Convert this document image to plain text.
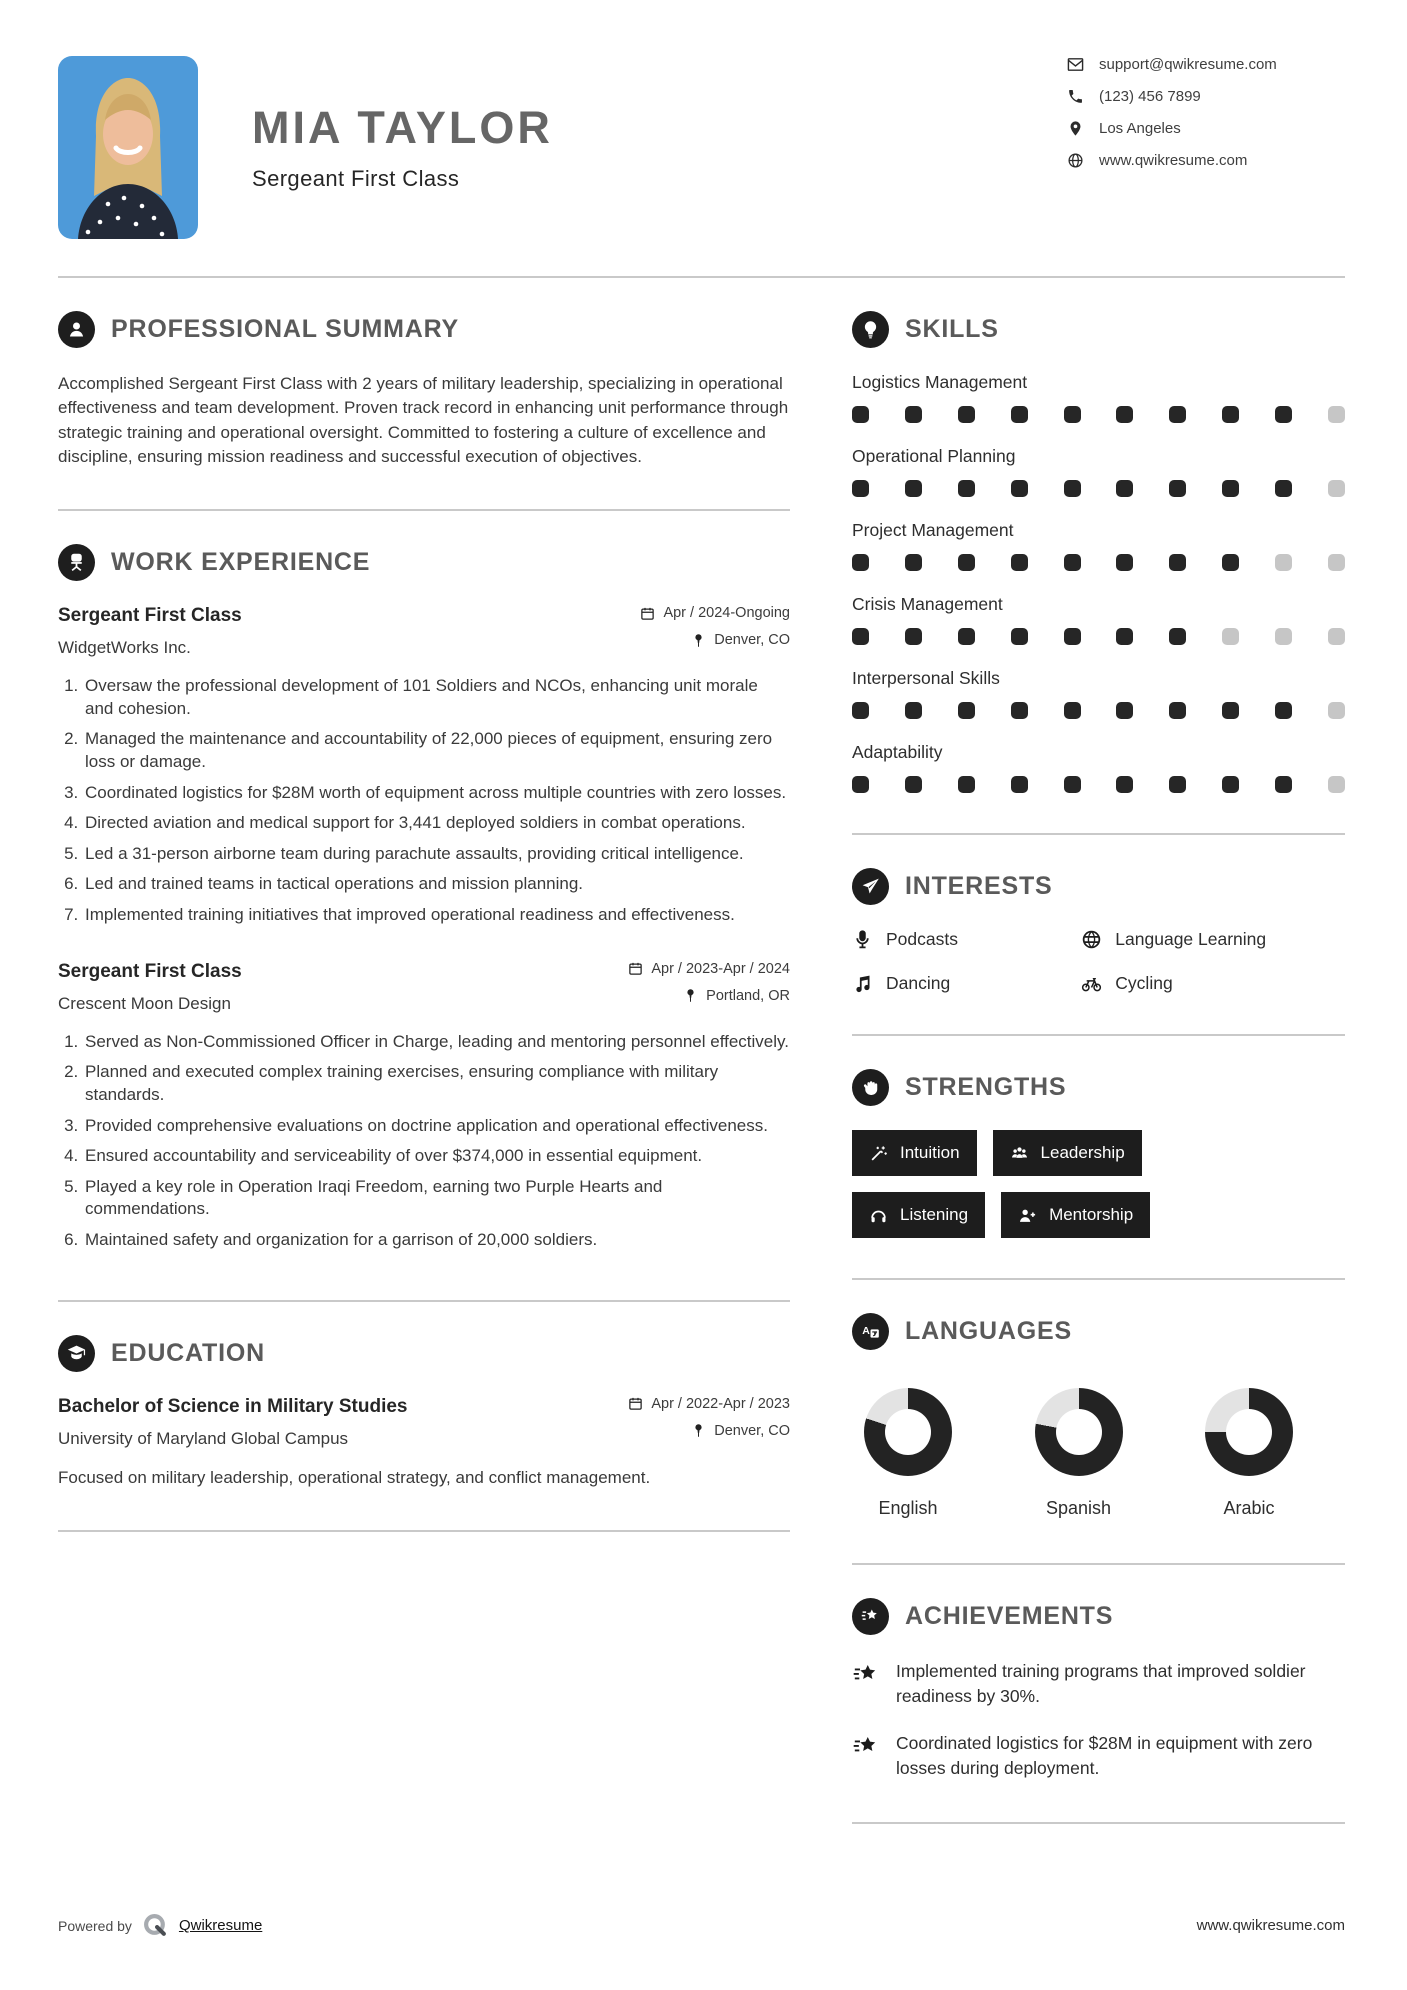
MIA TAYLOR
Sergeant First Class
support@qwikresume.com
(123) 456 7899
Los Angeles
www.qwikresume.com
PROFESSIONAL SUMMARY

Accomplished Sergeant First Class with 2 years of military leadership, specializing in operational effectiveness and team development. Proven track record in enhancing unit performance through strategic training and operational oversight. Committed to fostering a culture of excellence and discipline, ensuring mission readiness and successful execution of objectives.

WORK EXPERIENCE
Sergeant First Class
WidgetWorks Inc.
Apr / 2024-Ongoing
Denver, CO
1. Oversaw the professional development of 101 Soldiers and NCOs, enhancing unit morale and cohesion.
2. Managed the maintenance and accountability of 22,000 pieces of equipment, ensuring zero loss or damage.
3. Coordinated logistics for $28M worth of equipment across multiple countries with zero losses.
4. Directed aviation and medical support for 3,441 deployed soldiers in combat operations.
5. Led a 31-person airborne team during parachute assaults, providing critical intelligence.
6. Led and trained teams in tactical operations and mission planning.
7. Implemented training initiatives that improved operational readiness and effectiveness.
Sergeant First Class
Crescent Moon Design
Apr / 2023-Apr / 2024
Portland, OR
1. Served as Non-Commissioned Officer in Charge, leading and mentoring personnel effectively.
2. Planned and executed complex training exercises, ensuring compliance with military standards.
3. Provided comprehensive evaluations on doctrine application and operational effectiveness.
4. Ensured accountability and serviceability of over $374,000 in essential equipment.
5. Played a key role in Operation Iraqi Freedom, earning two Purple Hearts and commendations.
6. Maintained safety and organization for a garrison of 20,000 soldiers.
EDUCATION
Bachelor of Science in Military Studies
University of Maryland Global Campus
Apr / 2022-Apr / 2023
Denver, CO

Focused on military leadership, operational strategy, and conflict management.

SKILLS
Logistics Management
Operational Planning
Project Management
Crisis Management
Interpersonal Skills
Adaptability
INTERESTS
Podcasts	Language Learning
Dancing	Cycling
STRENGTHS
Intuition	Leadership
Listening	Mentorship
A LANGUAGES
English	Spanish	Arabic
ACHIEVEMENTS
Implemented training programs that improved soldier readiness by 30%.
Coordinated logistics for $28M in equipment with zero losses during deployment.
Powered by	Qwikresume	www.qwikresume.com
